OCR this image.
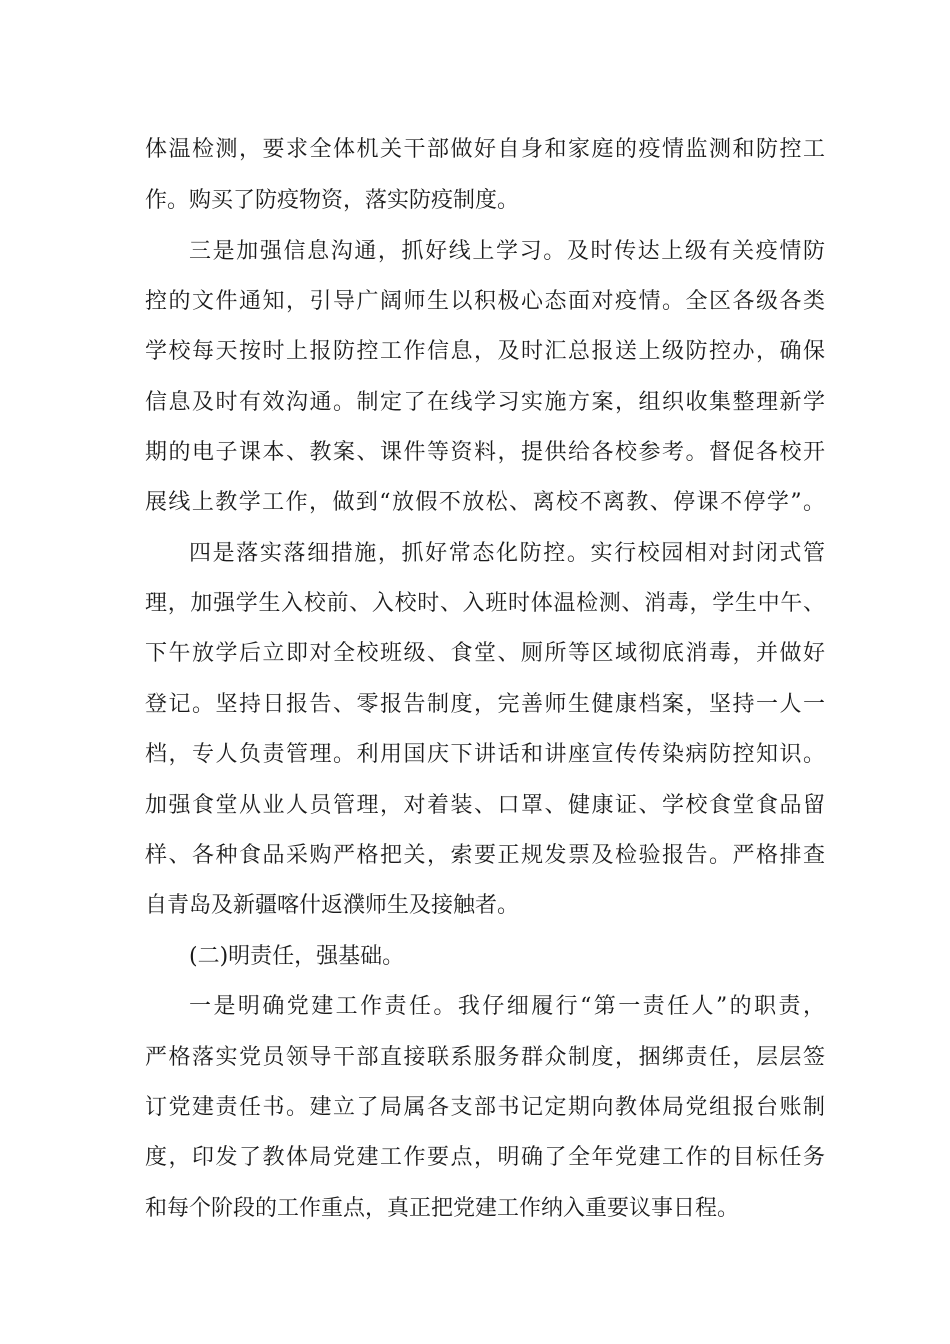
体温检测，要求全体机关干部做好自身和家庭的疫情监测和防控工
作。购买了防疫物资，落实防疫制度。
三是加强信息沟通，抓好线上学习。及时传达上级有关疫情防
控的文件通知，引导广阔师生以积极心态面对疫情。全区各级各类
学校每天按时上报防控工作信息，及时汇总报送上级防控办，确保
信息及时有效沟通。制定了在线学习实施方案，组织收集整理新学
期的电子课本、教案、课件等资料，提供给各校参考。督促各校开
展线上教学工作，做到“放假不放松、离校不离教、停课不停学”。
四是落实落细措施，抓好常态化防控。实行校园相对封闭式管
理，加强学生入校前、入校时、入班时体温检测、消毒，学生中午、
下午放学后立即对全校班级、食堂、厕所等区域彻底消毒，并做好
登记。坚持日报告、零报告制度，完善师生健康档案，坚持一人一
档，专人负责管理。利用国庆下讲话和讲座宣传传染病防控知识。
加强食堂从业人员管理，对着装、口罩、健康证、学校食堂食品留
样、各种食品采购严格把关，索要正规发票及检验报告。严格排查
自青岛及新疆喀什返濮师生及接触者。
(二)明责任，强基础。
一是明确党建工作责任。我仔细履行“第一责任人”的职责，
严格落实党员领导干部直接联系服务群众制度，捆绑责任，层层签
订党建责任书。建立了局属各支部书记定期向教体局党组报台账制
度，印发了教体局党建工作要点，明确了全年党建工作的目标任务
和每个阶段的工作重点，真正把党建工作纳入重要议事日程。
